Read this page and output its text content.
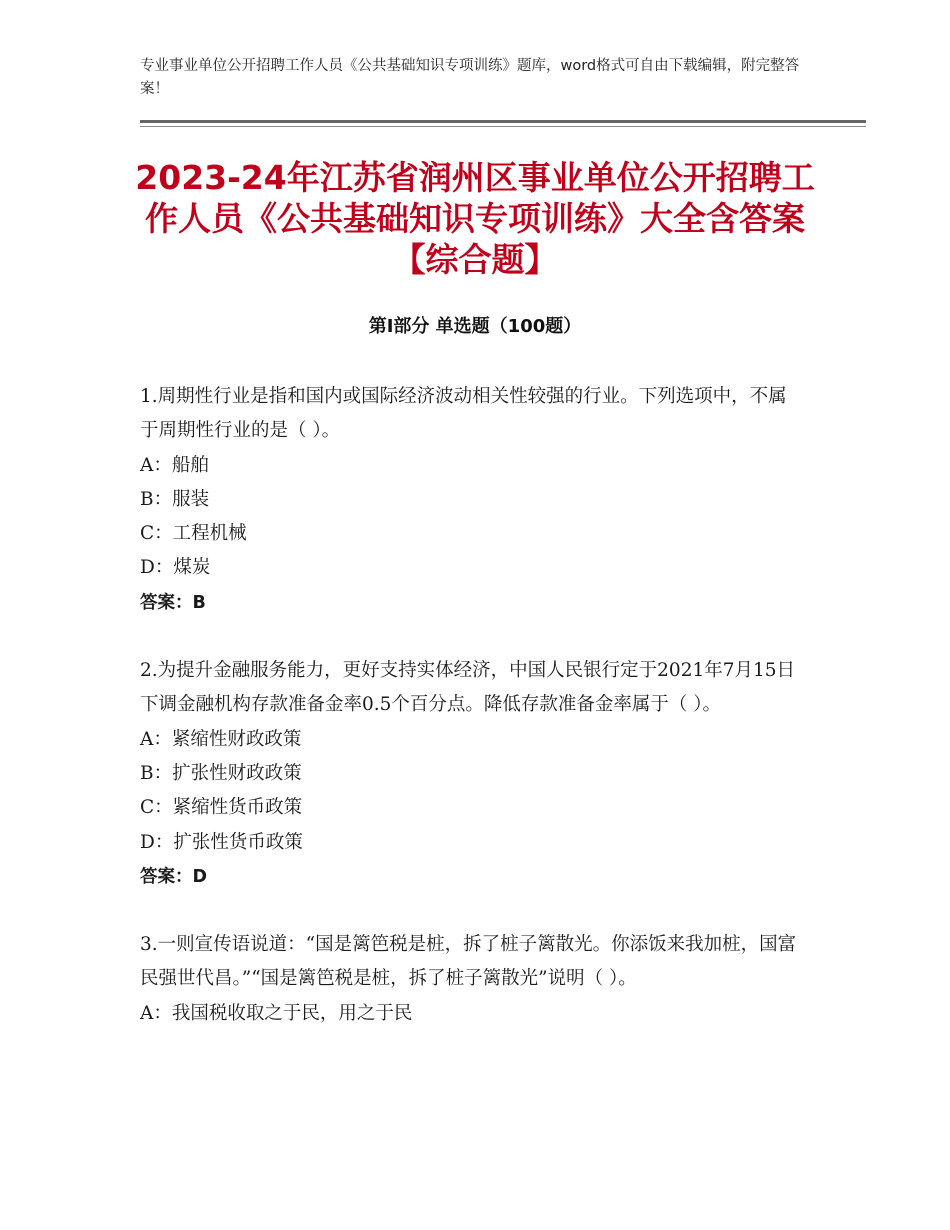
专业事业单位公开招聘工作人员《公共基础知识专项训练》题库，word格式可自由下载编辑，附完整答案！
2023-24年江苏省润州区事业单位公开招聘工作人员《公共基础知识专项训练》大全含答案【综合题】
第Ⅰ部分 单选题（100题）

1.周期性行业是指和国内或国际经济波动相关性较强的行业。下列选项中，不属于周期性行业的是（ ）。

A：船舶

B：服装

C：工程机械

D：煤炭

答案：B

2.为提升金融服务能力，更好支持实体经济，中国人民银行定于2021年7月15日下调金融机构存款准备金率0.5个百分点。降低存款准备金率属于（ ）。

A：紧缩性财政政策

B：扩张性财政政策

C：紧缩性货币政策

D：扩张性货币政策

答案：D

3.一则宣传语说道：“国是篱笆税是桩，拆了桩子篱散光。你添饭来我加桩，国富民强世代昌。”“国是篱笆税是桩，拆了桩子篱散光”说明（ ）。

A：我国税收取之于民，用之于民
